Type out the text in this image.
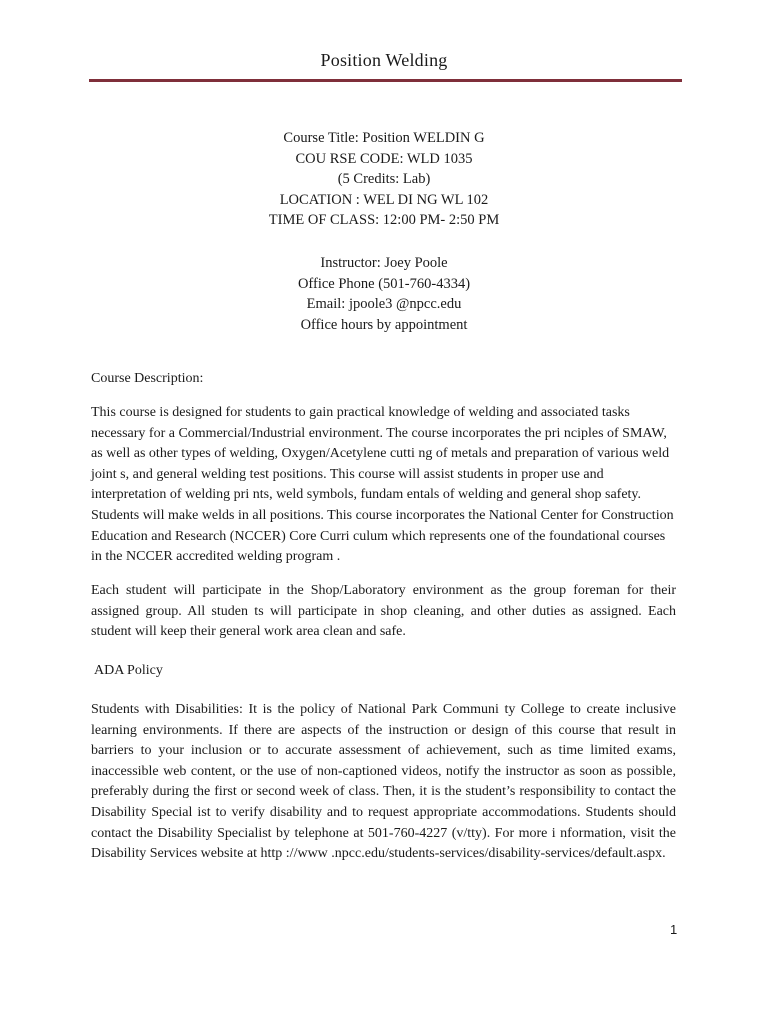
Position Welding
Course Title: Position WELDIN G
COU RSE CODE: WLD 1035
(5 Credits: Lab)
LOCATION : WEL DI NG WL 102
TIME OF CLASS: 12:00 PM- 2:50 PM
Instructor: Joey Poole
Office Phone (501-760-4334)
Email: jpoole3 @npcc.edu
Office hours by appointment
Course Description:

This course is designed for students to gain practical knowledge of welding and associated tasks necessary for a Commercial/Industrial environment. The course incorporates the pri nciples of SMAW, as well as other types of welding, Oxygen/Acetylene cutti ng of metals and preparation of various weld joint s, and general welding test positions. This course will assist students in proper use and interpretation of welding pri nts, weld symbols, fundam entals of welding and general shop safety. Students will make welds in all positions. This course incorporates the National Center for Construction Education and Research (NCCER) Core Curri culum which represents one of the foundational courses in the NCCER accredited welding program .

Each student will participate in the Shop/Laboratory environment as the group foreman for their assigned group. All studen ts will participate in shop cleaning, and other duties as assigned. Each student will keep their general work area clean and safe.

ADA Policy

Students with Disabilities: It is the policy of National Park Communi ty College to create inclusive learning environments. If there are aspects of the instruction or design of this course that result in barriers to your inclusion or to accurate assessment of achievement, such as time limited exams, inaccessible web content, or the use of non-captioned videos, notify the instructor as soon as possible, preferably during the first or second week of class. Then, it is the student’s responsibility to contact the Disability Special ist to verify disability and to request appropriate accommodations. Students should contact the Disability Specialist by telephone at 501-760-4227 (v/tty). For more i nformation, visit the Disability Services website at http ://www .npcc.edu/students-services/disability-services/default.aspx.

1
